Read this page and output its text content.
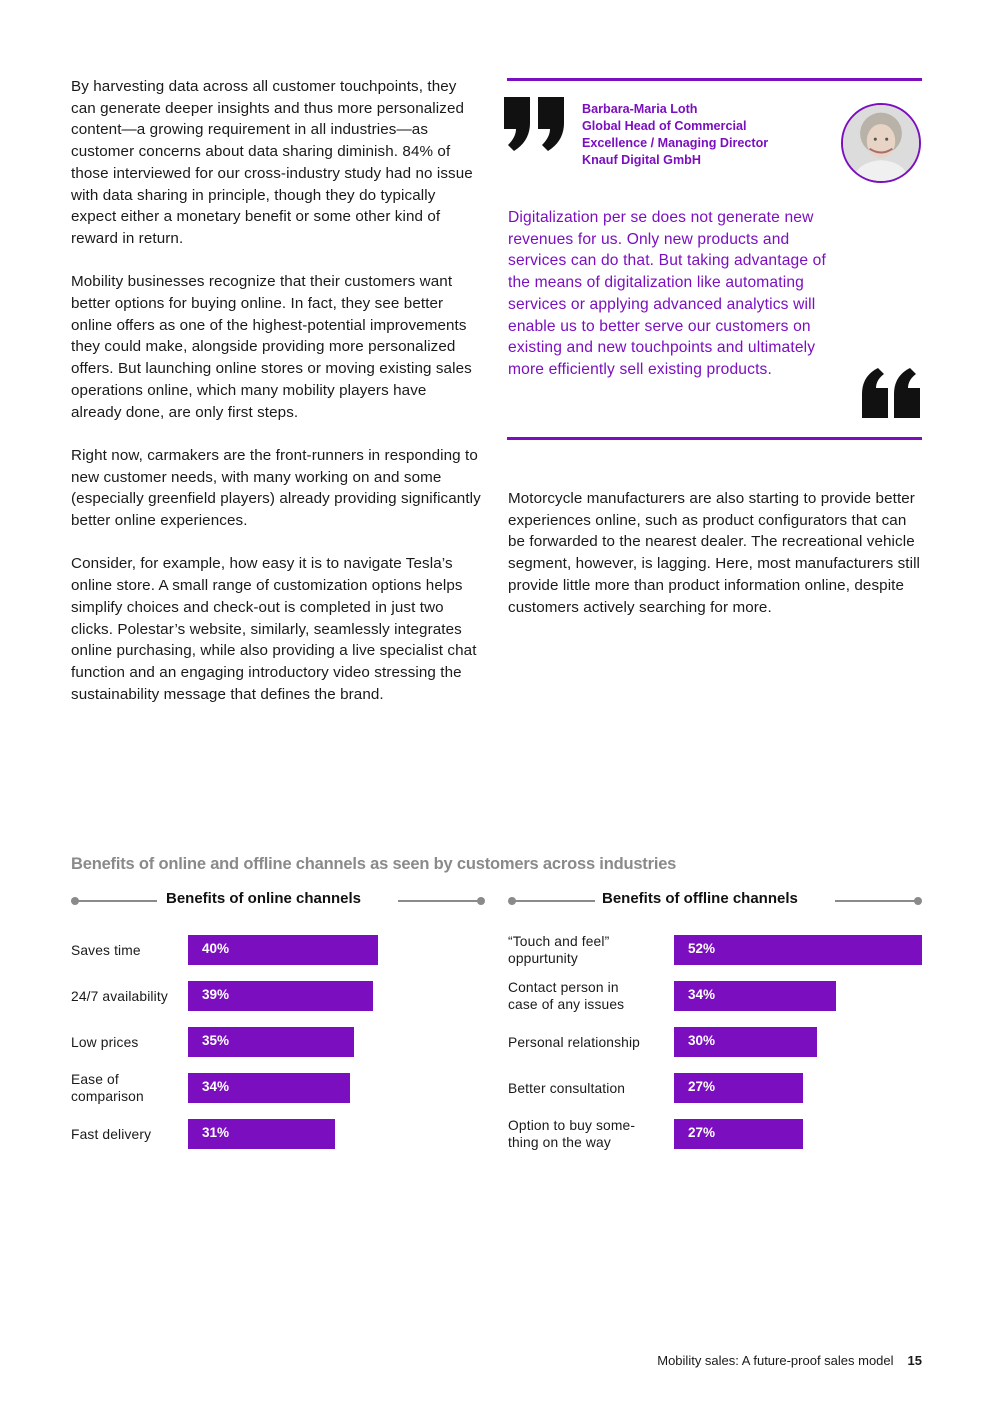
By harvesting data across all customer touchpoints, they can generate deeper insights and thus more personalized content—a growing requirement in all industries—as customer concerns about data sharing diminish. 84% of those interviewed for our cross-industry study had no issue with data sharing in principle, though they do typically expect either a monetary benefit or some other kind of reward in return.

Mobility businesses recognize that their customers want better options for buying online. In fact, they see better online offers as one of the highest-potential improvements they could make, alongside providing more personalized offers. But launching online stores or moving existing sales operations online, which many mobility players have already done, are only first steps.

Right now, carmakers are the front-runners in responding to new customer needs, with many working on and some (especially greenfield players) already providing significantly better online experiences.

Consider, for example, how easy it is to navigate Tesla’s online store. A small range of customization options helps simplify choices and check-out is completed in just two clicks. Polestar’s website, similarly, seamlessly integrates online purchasing, while also providing a live specialist chat function and an engaging introductory video stressing the sustainability message that defines the brand.

Barbara-Maria Loth
Global Head of Commercial
Excellence / Managing Director
Knauf Digital GmbH
Digitalization per se does not generate new revenues for us. Only new products and services can do that. But taking advantage of the means of digitalization like automating services or applying advanced analytics will enable us to better serve our customers on existing and new touchpoints and ultimately more efficiently sell existing products.

Motorcycle manufacturers are also starting to provide better experiences online, such as product configurators that can be forwarded to the nearest dealer. The recreational vehicle segment, however, is lagging. Here, most manufacturers still provide little more than product information online, despite customers actively searching for more.

Benefits of online and offline channels as seen by customers across industries
Benefits of online channels	Benefits of offline channels
Saves time	40%
24/7 availability	39%
Low prices	35%
Ease of
comparison
34%
Fast delivery	31%
“Touch and feel”
oppurtunity
52%
Contact person in
case of any issues
34%
Personal relationship	30%
Better consultation	27%
Option to buy some-
thing on the way
27%
Mobility sales: A future-proof sales model 15
